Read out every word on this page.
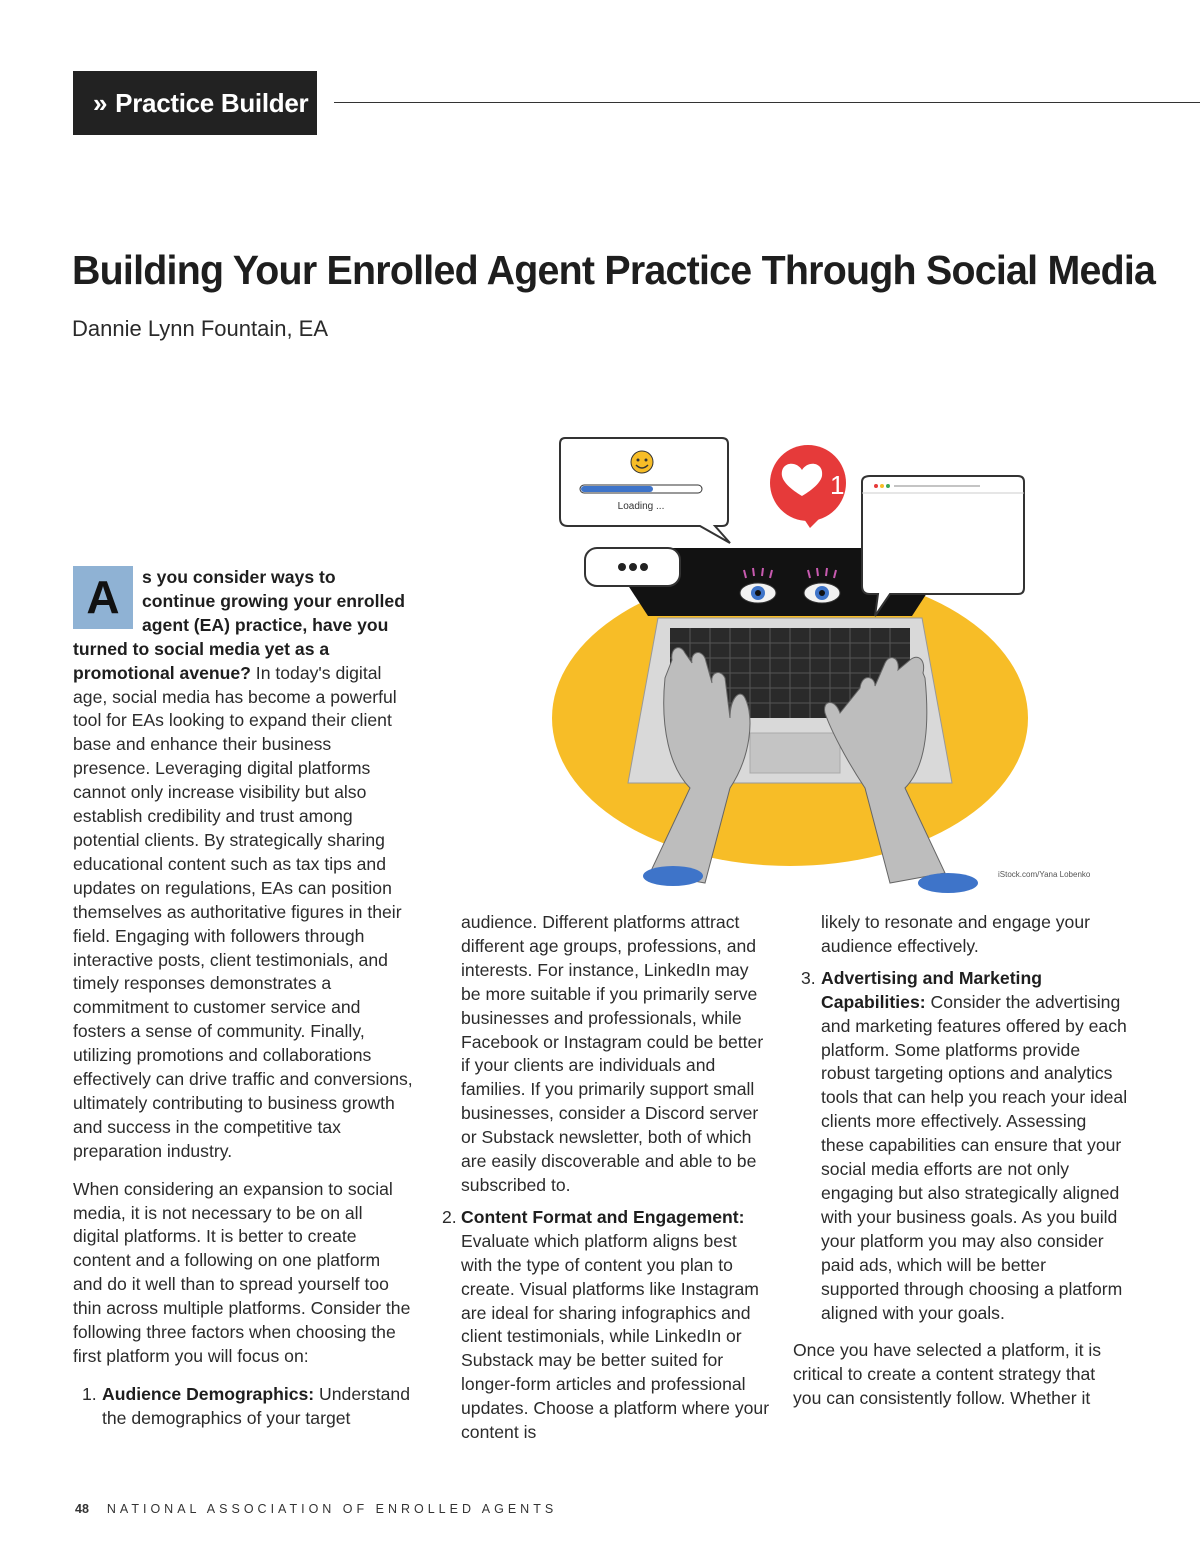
» Practice Builder
Building Your Enrolled Agent Practice Through Social Media
Dannie Lynn Fountain, EA

A	s you consider ways to continue growing your enrolled agent (EA) practice, have you turned to social media yet as a promotional avenue? In today's digital age, social media has become a powerful tool for EAs looking to expand their client base and enhance their business presence. Leveraging digital platforms cannot only increase visibility but also establish credibility and trust among potential clients. By strategically sharing educational content such as tax tips and updates on regulations, EAs can position themselves as authoritative figures in their field. Engaging with followers through interactive posts, client testimonials, and timely responses demonstrates a commitment to customer service and fosters a sense of community. Finally, utilizing promotions and collaborations effectively can drive traffic and conversions, ultimately contributing to business growth and success in the competitive tax preparation industry.

When considering an expansion to social media, it is not necessary to be on all digital platforms. It is better to create content and a following on one platform and do it well than to spread yourself too thin across multiple platforms. Consider the following three factors when choosing the first platform you will focus on:

1. Audience Demographics: Understand the demographics of your target

audience. Different platforms attract different age groups, professions, and interests. For instance, LinkedIn may be more suitable if you primarily serve businesses and professionals, while Facebook or Instagram could be better if your clients are individuals and families. If you primarily support small businesses, consider a Discord server or Substack newsletter, both of which are easily discoverable and able to be subscribed to.

2. Content Format and Engagement: Evaluate which platform aligns best with the type of content you plan to create. Visual platforms like Instagram are ideal for sharing infographics and client testimonials, while LinkedIn or Substack may be better suited for longer-form articles and professional updates. Choose a platform where your content is

likely to resonate and engage your audience effectively.

3. Advertising and Marketing Capabilities: Consider the advertising and marketing features offered by each platform. Some platforms provide robust targeting options and analytics tools that can help you reach your ideal clients more effectively. Assessing these capabilities can ensure that your social media efforts are not only engaging but also strategically aligned with your business goals. As you build your platform you may also consider paid ads, which will be better supported through choosing a platform aligned with your goals.

Once you have selected a platform, it is critical to create a content strategy that you can consistently follow. Whether it

Loading ...
1
iStock.com/Yana Lobenko
48 NATIONAL ASSOCIATION OF ENROLLED AGENTS
